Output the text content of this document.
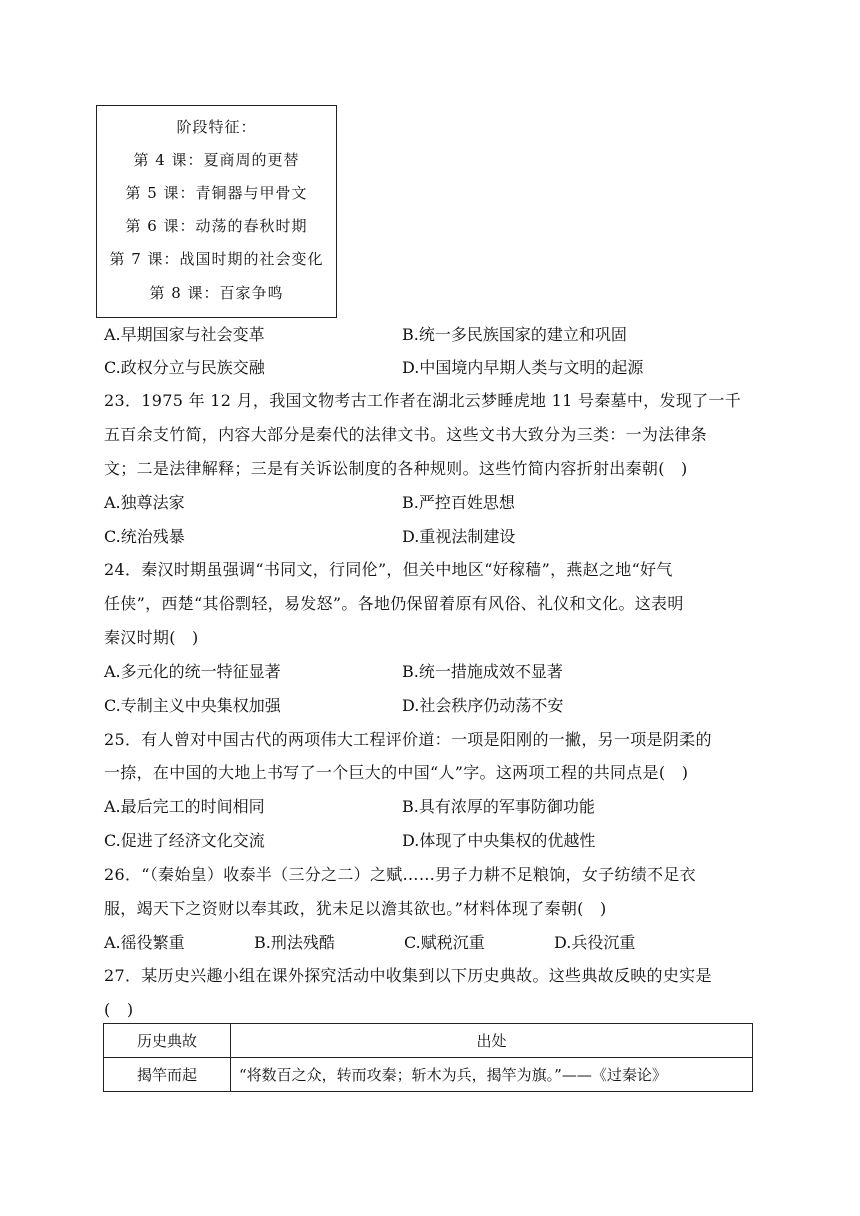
阶段特征：
第 4 课：夏商周的更替
第 5 课：青铜器与甲骨文
第 6 课：动荡的春秋时期
第 7 课：战国时期的社会变化
第 8 课：百家争鸣
A.早期国家与社会变革	B.统一多民族国家的建立和巩固
C.政权分立与民族交融	D.中国境内早期人类与文明的起源
23．1975 年 12 月，我国文物考古工作者在湖北云梦睡虎地 11 号秦墓中，发现了一千
五百余支竹简，内容大部分是秦代的法律文书。这些文书大致分为三类：一为法律条
文；二是法律解释；三是有关诉讼制度的各种规则。这些竹简内容折射出秦朝(　)
A.独尊法家	B.严控百姓思想
C.统治残暴	D.重视法制建设
24．秦汉时期虽强调“书同文，行同伦”，但关中地区“好稼穑”，燕赵之地“好气
任侠”，西楚“其俗剽轻，易发怒”。各地仍保留着原有风俗、礼仪和文化。这表明
秦汉时期(　)
A.多元化的统一特征显著	B.统一措施成效不显著
C.专制主义中央集权加强	D.社会秩序仍动荡不安
25．有人曾对中国古代的两项伟大工程评价道：一项是阳刚的一撇，另一项是阴柔的
一捺，在中国的大地上书写了一个巨大的中国“人”字。这两项工程的共同点是(　)
A.最后完工的时间相同	B.具有浓厚的军事防御功能
C.促进了经济文化交流	D.体现了中央集权的优越性
26．“（秦始皇）收泰半（三分之二）之赋……男子力耕不足粮饷，女子纺绩不足衣
服，竭天下之资财以奉其政，犹未足以澹其欲也。”材料体现了秦朝(　)
A.徭役繁重	B.刑法残酷	C.赋税沉重	D.兵役沉重
27．某历史兴趣小组在课外探究活动中收集到以下历史典故。这些典故反映的史实是
(　)
历史典故	出处
揭竿而起	“将数百之众，转而攻秦；斩木为兵，揭竿为旗。”——《过秦论》
